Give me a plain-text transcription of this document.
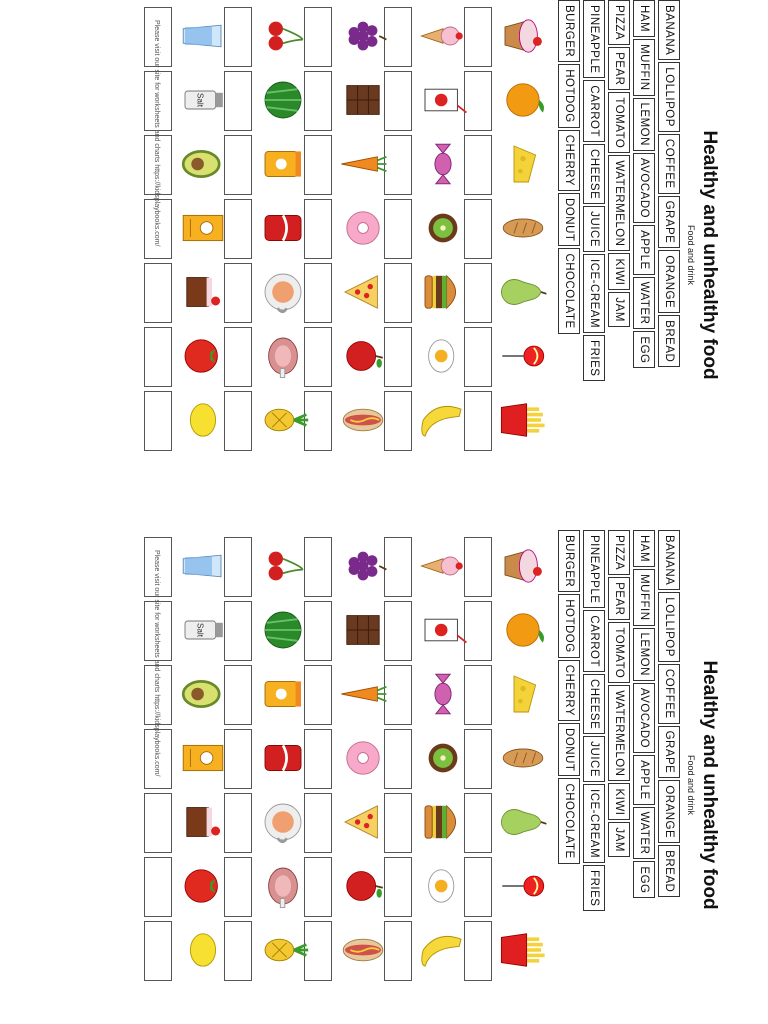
Healthy and unhealthy food
Food and drink
BANANA
LOLLIPOP
COFFEE
GRAPE
ORANGE
BREAD
HAM
MUFFIN
LEMON
AVOCADO
APPLE
WATER
EGG
PIZZA
PEAR
TOMATO
WATERMELON
KIWI
JAM
PINEAPPLE
CARROT
CHEESE
JUICE
ICE-CREAM
FRIES
BURGER
HOTDOG
CHERRY
DONUT
CHOCOLATE
Salt
Please visit our site for worksheets and charts https://kidsplaybooks.com/
Healthy and unhealthy food
Food and drink
BANANA
LOLLIPOP
COFFEE
GRAPE
ORANGE
BREAD
HAM
MUFFIN
LEMON
AVOCADO
APPLE
WATER
EGG
PIZZA
PEAR
TOMATO
WATERMELON
KIWI
JAM
PINEAPPLE
CARROT
CHEESE
JUICE
ICE-CREAM
FRIES
BURGER
HOTDOG
CHERRY
DONUT
CHOCOLATE
Salt
Please visit our site for worksheets and charts https://kidsplaybooks.com/
